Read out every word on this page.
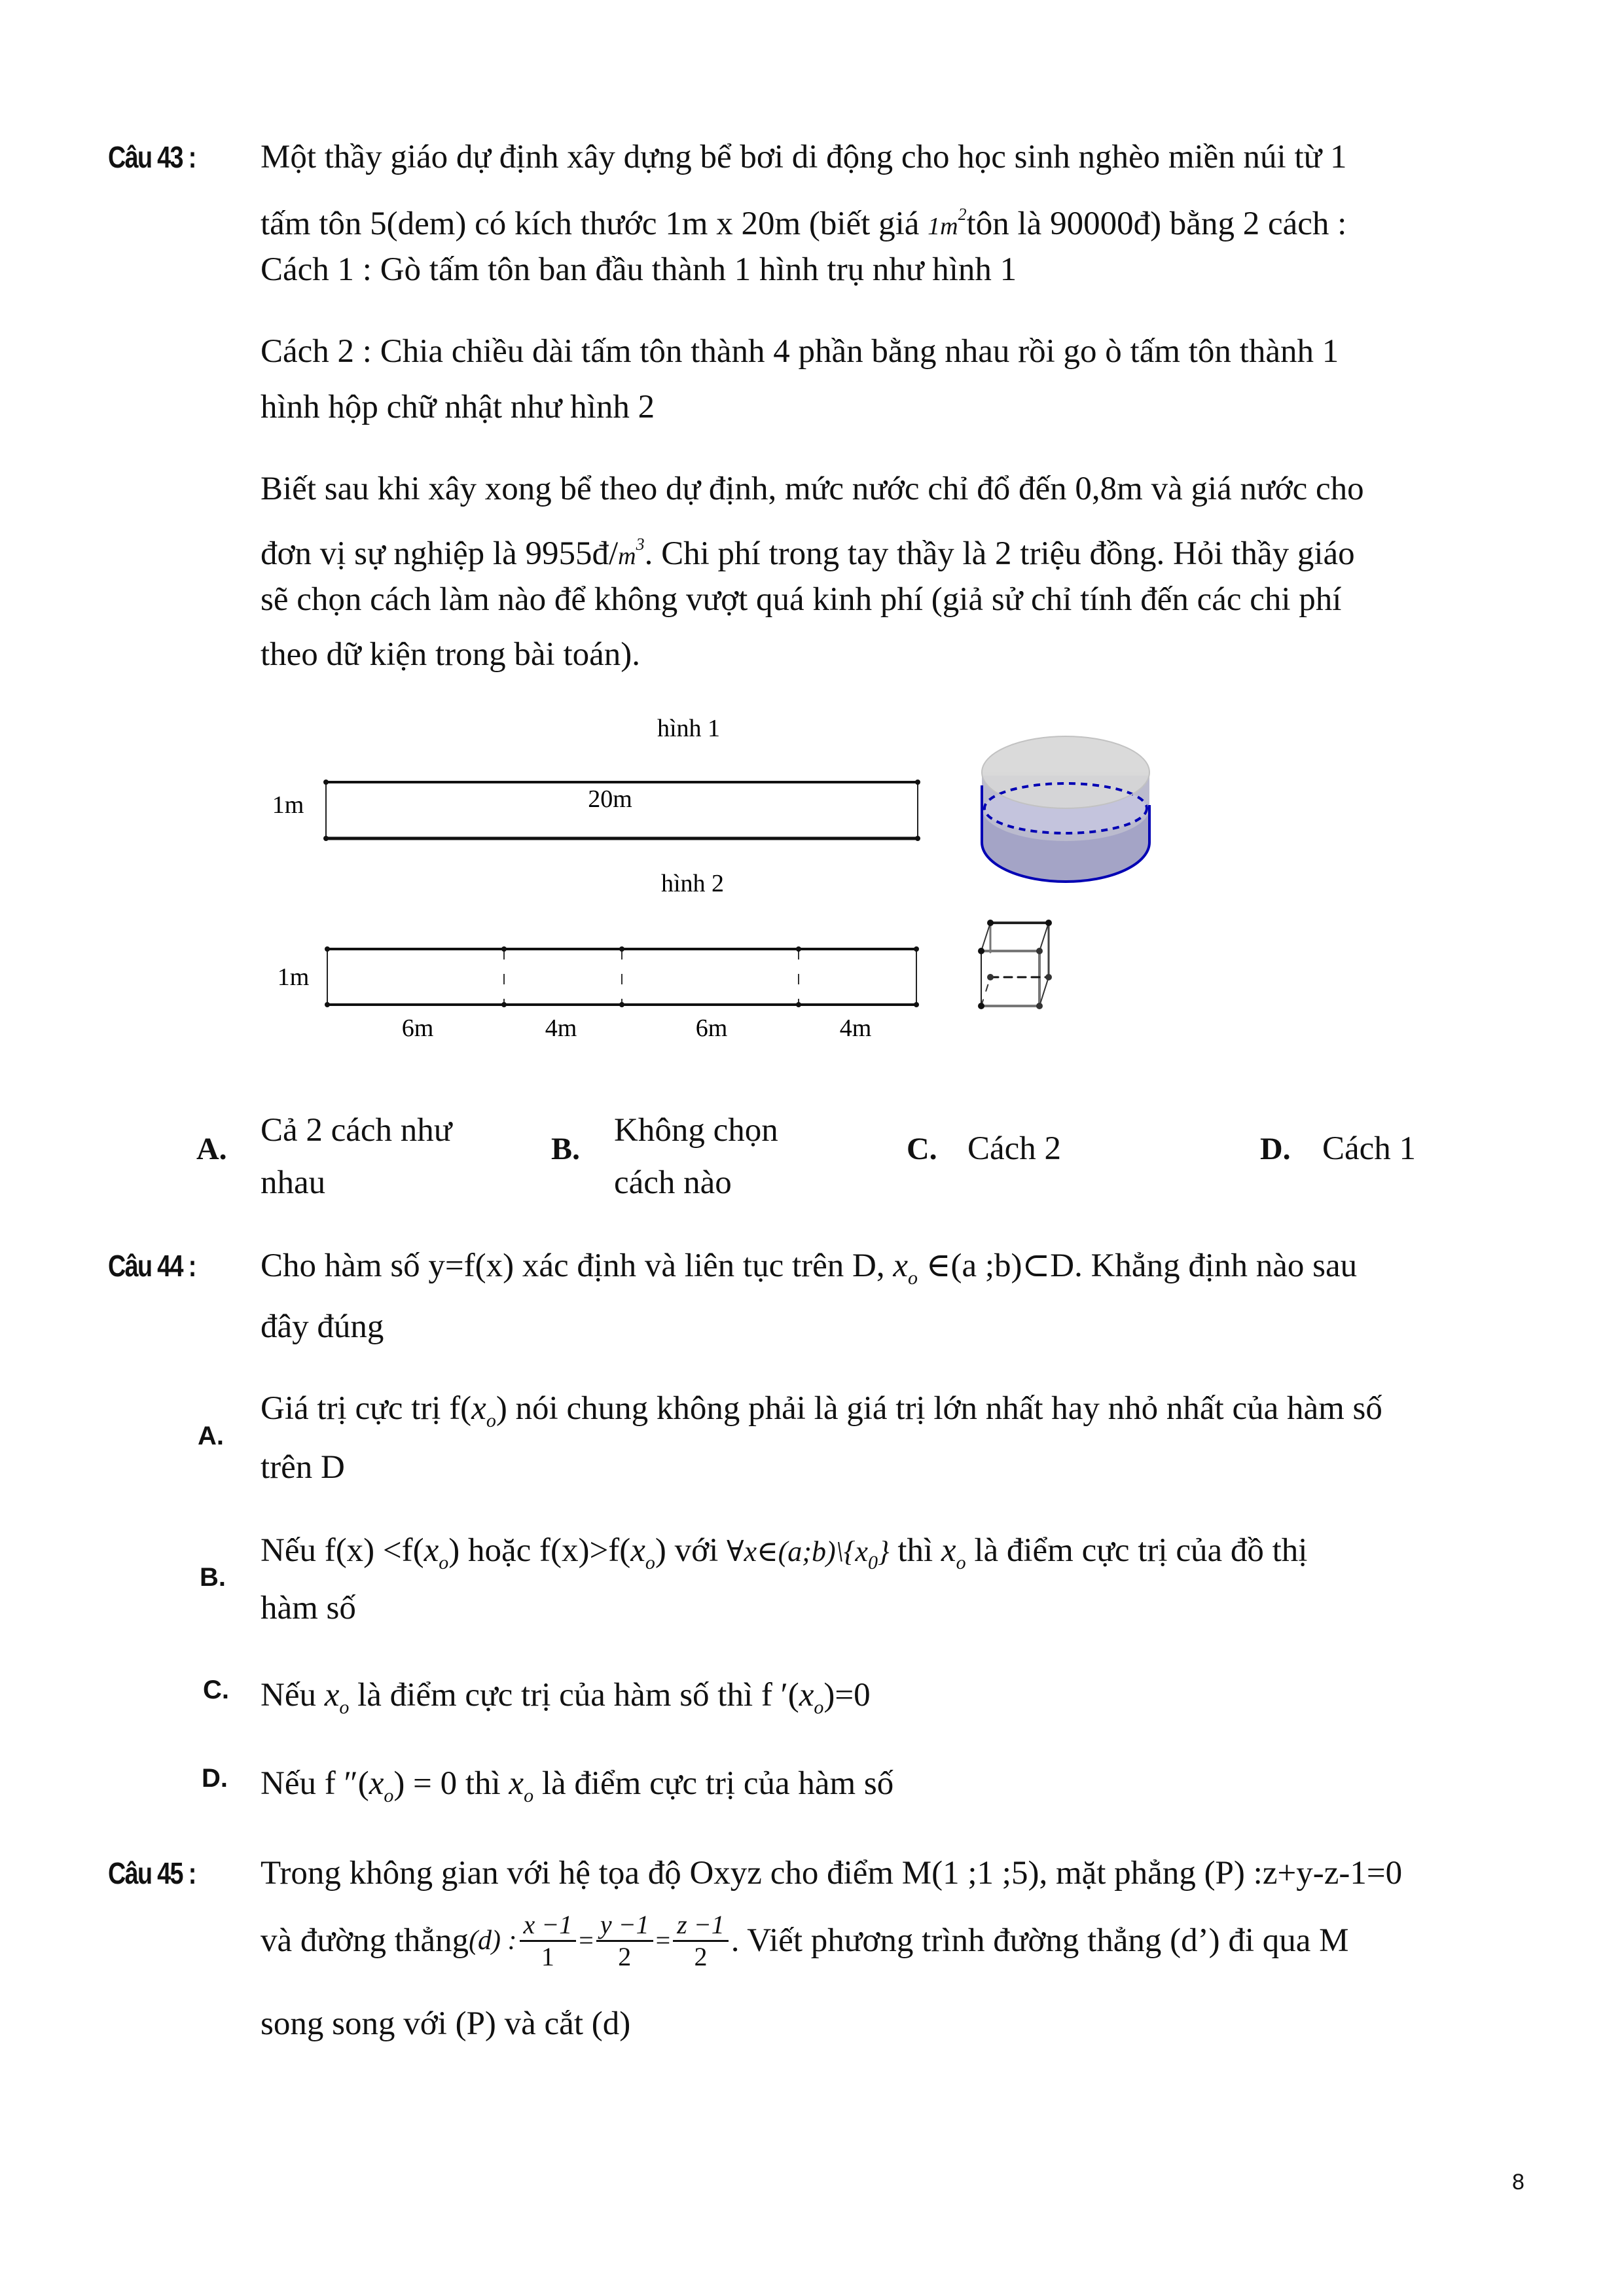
Câu 43 : Một thầy giáo dự định xây dựng bể bơi di động cho học sinh nghèo miền núi từ 1
tấm tôn 5(dem) có kích thước 1m x 20m (biết giá $1m^2tôn$ là 90000đ) bằng 2 cách :
Cách 1 : Gò tấm tôn ban đầu thành 1 hình trụ như hình 1
Cách 2 : Chia chiều dài tấm tôn thành 4 phần bằng nhau rồi go ò tấm tôn thành 1
hình hộp chữ nhật như hình 2
Biết sau khi xây xong bể theo dự định, mức nước chỉ đổ đến 0,8m và giá nước cho
đơn vị sự nghiệp là $9955đ/m^3$. Chi phí trong tay thầy là 2 triệu đồng. Hỏi thầy giáo
sẽ chọn cách làm nào để không vượt quá kinh phí (giả sử chỉ tính đến các chi phí
theo dữ kiện trong bài toán).
hình 1
1m	20m
hình 2
1m
6m	4m	6m	4m
A.
Cả 2 cách như
nhau
B.
Không chọn
cách nào
C. Cách 2	D. Cách 1
Câu 44 : Cho hàm số y=f(x) xác định và liên tục trên D, $x_o$ ∈(a ;b)⊂D. Khẳng định nào sau
đây đúng
A.
Giá trị cực trị $f(x_o)$ nói chung không phải là giá trị lớn nhất hay nhỏ nhất của hàm số
trên D
B.
Nếu $f(x) <f(x_o)$ hoặc $f(x)>f(x_o)$ với $\forall x\in(a;b)\backslash\{x_0\}$ thì $x_o$ là điểm cực trị của đồ thị
hàm số
C. Nếu $x_o$ là điểm cực trị của hàm số thì f $'(x_o)=0$
D. Nếu f $''(x_o) = 0$ thì $x_o$ là điểm cực trị của hàm số
Câu 45 : Trong không gian với hệ tọa độ Oxyz cho điểm M(1 ;1 ;5), mặt phẳng (P) :z+y-z-1=0
và đường thẳng (d) : $\frac{x -1}{1} = \frac{y -1}{2} = \frac{z -1}{2}$ . Viết phương trình đường thẳng (d’) đi qua M
song song với (P) và cắt (d)
8
